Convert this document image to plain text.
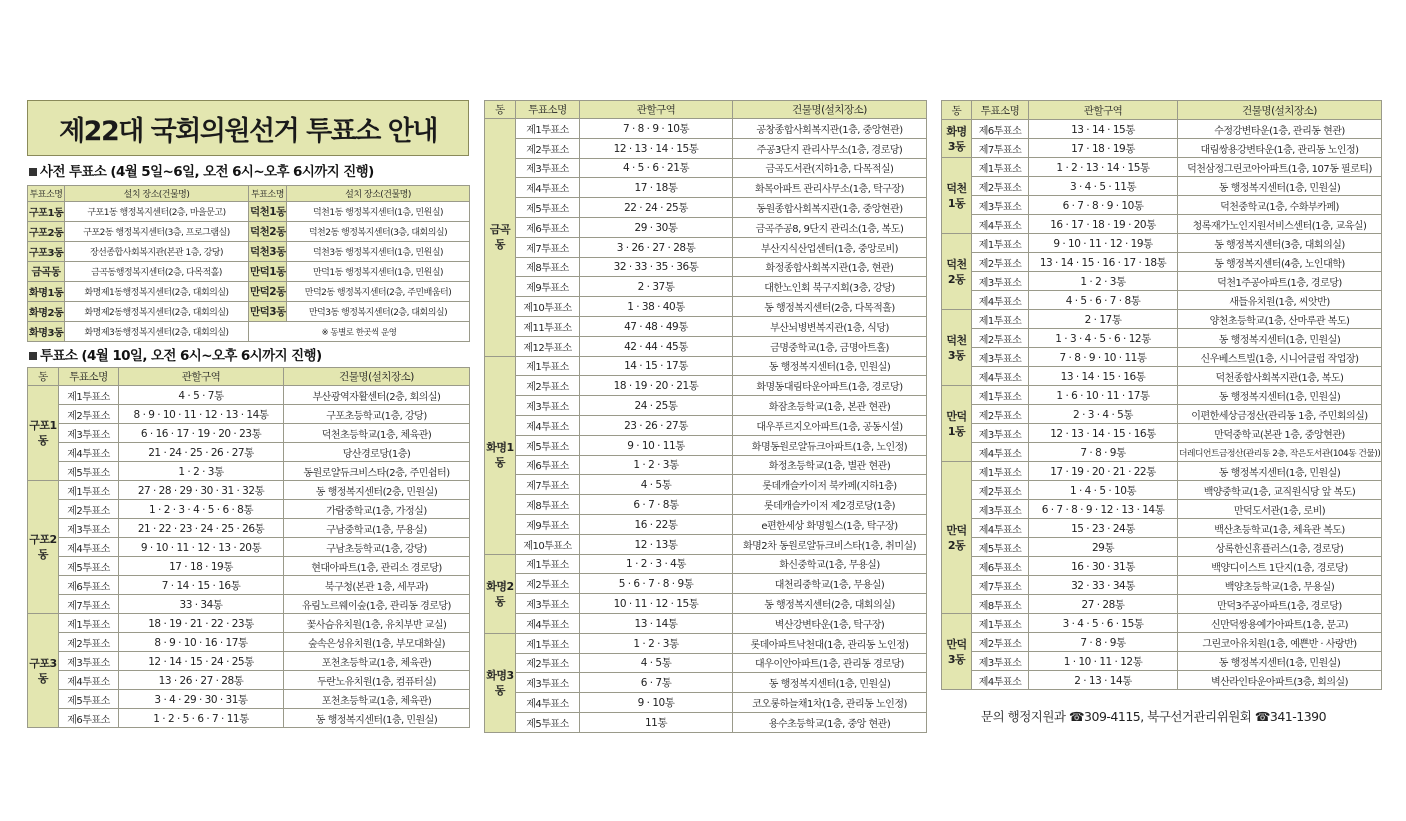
제22대 국회의원선거 투표소 안내
사전 투표소 (4월 5일~6일, 오전 6시~오후 6시까지 진행)
투표소명	설치 장소(건물명)	투표소명	설치 장소(건물명)
구포1동	구포1동 행정복지센터(2층, 마을문고)	덕천1동	덕천1동 행정복지센터(1층, 민원실)
구포2동	구포2동 행정복지센터(3층, 프로그램실)	덕천2동	덕천2동 행정복지센터(3층, 대회의실)
구포3동	장선종합사회복지관(본관 1층, 강당)	덕천3동	덕천3동 행정복지센터(1층, 민원실)
금곡동	금곡동행정복지센터(2층, 다목적홀)	만덕1동	만덕1동 행정복지센터(1층, 민원실)
화명1동	화명제1동행정복지센터(2층, 대회의실)	만덕2동	만덕2동 행정복지센터(2층, 주민배움터)
화명2동	화명제2동행정복지센터(2층, 대회의실)	만덕3동	만덕3동 행정복지센터(2층, 대회의실)
화명3동	화명제3동행정복지센터(2층, 대회의실)	※ 동별로 한곳씩 운영	
투표소 (4월 10일, 오전 6시~오후 6시까지 진행)
동	투표소명	관할구역	건물명(설치장소)
구포1동	제1투표소	4 · 5 · 7통	부산광역자활센터(2층, 회의실)
	제2투표소	8 · 9 · 10 · 11 · 12 · 13 · 14통	구포초등학교(1층, 강당)
	제3투표소	6 · 16 · 17 · 19 · 20 · 23통	덕천초등학교(1층, 체육관)
	제4투표소	21 · 24 · 25 · 26 · 27통	당산경로당(1층)
	제5투표소	1 · 2 · 3통	동원로얄듀크비스타(2층, 주민쉼터)
구포2동	제1투표소	27 · 28 · 29 · 30 · 31 · 32통	동 행정복지센터(2층, 민원실)
	제2투표소	1 · 2 · 3 · 4 · 5 · 6 · 8통	가람중학교(1층, 가정실)
	제3투표소	21 · 22 · 23 · 24 · 25 · 26통	구남중학교(1층, 무용실)
	제4투표소	9 · 10 · 11 · 12 · 13 · 20통	구남초등학교(1층, 강당)
	제5투표소	17 · 18 · 19통	현대아파트(1층, 관리소 경로당)
	제6투표소	7 · 14 · 15 · 16통	북구청(본관 1층, 세무과)
	제7투표소	33 · 34통	유림노르웨이숲(1층, 관리동 경로당)
구포3동	제1투표소	18 · 19 · 21 · 22 · 23통	꽃사슴유치원(1층, 유치부반 교실)
	제2투표소	8 · 9 · 10 · 16 · 17통	숲속은성유치원(1층, 부모대화실)
	제3투표소	12 · 14 · 15 · 24 · 25통	포천초등학교(1층, 체육관)
	제4투표소	13 · 26 · 27 · 28통	두란노유치원(1층, 컴퓨터실)
	제5투표소	3 · 4 · 29 · 30 · 31통	포천초등학교(1층, 체육관)
	제6투표소	1 · 2 · 5 · 6 · 7 · 11통	동 행정복지센터(1층, 민원실)
동	투표소명	관할구역	건물명(설치장소)
금곡동	제1투표소	7 · 8 · 9 · 10통	공창종합사회복지관(1층, 중앙현관)
	제2투표소	12 · 13 · 14 · 15통	주공3단지 관리사무소(1층, 경로당)
	제3투표소	4 · 5 · 6 · 21통	금곡도서관(지하1층, 다목적실)
	제4투표소	17 · 18통	화목아파트 관리사무소(1층, 탁구장)
	제5투표소	22 · 24 · 25통	동원종합사회복지관(1층, 중앙현관)
	제6투표소	29 · 30통	금곡주공8, 9단지 관리소(1층, 복도)
	제7투표소	3 · 26 · 27 · 28통	부산지식산업센터(1층, 중앙로비)
	제8투표소	32 · 33 · 35 · 36통	화정종합사회복지관(1층, 현관)
	제9투표소	2 · 37통	대한노인회 북구지회(3층, 강당)
	제10투표소	1 · 38 · 40통	동 행정복지센터(2층, 다목적홀)
	제11투표소	47 · 48 · 49통	부산뇌병변복지관(1층, 식당)
	제12투표소	42 · 44 · 45통	금명중학교(1층, 금명아트홀)
화명1동	제1투표소	14 · 15 · 17통	동 행정복지센터(1층, 민원실)
	제2투표소	18 · 19 · 20 · 21통	화명동대림타운아파트(1층, 경로당)
	제3투표소	24 · 25통	화잠초등학교(1층, 본관 현관)
	제4투표소	23 · 26 · 27통	대우푸르지오아파트(1층, 공동시설)
	제5투표소	9 · 10 · 11통	화명동원로얄듀크아파트(1층, 노인정)
	제6투표소	1 · 2 · 3통	화정초등학교(1층, 별관 현관)
	제7투표소	4 · 5통	롯데캐슬카이저 북카페(지하1층)
	제8투표소	6 · 7 · 8통	롯데캐슬카이저 제2경로당(1층)
	제9투표소	16 · 22통	e편한세상 화명힐스(1층, 탁구장)
	제10투표소	12 · 13통	화명2차 동원로얄듀크비스타(1층, 취미실)
화명2동	제1투표소	1 · 2 · 3 · 4통	화신중학교(1층, 무용실)
	제2투표소	5 · 6 · 7 · 8 · 9통	대천리중학교(1층, 무용실)
	제3투표소	10 · 11 · 12 · 15통	동 행정복지센터(2층, 대회의실)
	제4투표소	13 · 14통	벽산강변타운(1층, 탁구장)
화명3동	제1투표소	1 · 2 · 3통	롯데아파트낙천대(1층, 관리동 노인정)
	제2투표소	4 · 5통	대우이안아파트(1층, 관리동 경로당)
	제3투표소	6 · 7통	동 행정복지센터(1층, 민원실)
	제4투표소	9 · 10통	코오롱하늘채1차(1층, 관리동 노인정)
	제5투표소	11통	용수초등학교(1층, 중앙 현관)
동	투표소명	관할구역	건물명(설치장소)
화명3동	제6투표소	13 · 14 · 15통	수정강변타운(1층, 관리동 현관)
	제7투표소	17 · 18 · 19통	대림쌍용강변타운(1층, 관리동 노인정)
덕천1동	제1투표소	1 · 2 · 13 · 14 · 15통	덕천삼정그린코아아파트(1층, 107동 필로티)
	제2투표소	3 · 4 · 5 · 11통	동 행정복지센터(1층, 민원실)
	제3투표소	6 · 7 · 8 · 9 · 10통	덕천중학교(1층, 수화부카페)
	제4투표소	16 · 17 · 18 · 19 · 20통	청록재가노인지원서비스센터(1층, 교육실)
덕천2동	제1투표소	9 · 10 · 11 · 12 · 19통	동 행정복지센터(3층, 대회의실)
	제2투표소	13 · 14 · 15 · 16 · 17 · 18통	동 행정복지센터(4층, 노인대학)
	제3투표소	1 · 2 · 3통	덕천1주공아파트(1층, 경로당)
	제4투표소	4 · 5 · 6 · 7 · 8통	새들유치원(1층, 씨앗반)
덕천3동	제1투표소	2 · 17통	양천초등학교(1층, 산마루관 복도)
	제2투표소	1 · 3 · 4 · 5 · 6 · 12통	동 행정복지센터(1층, 민원실)
	제3투표소	7 · 8 · 9 · 10 · 11통	신우베스트빌(1층, 시니어클럽 작업장)
	제4투표소	13 · 14 · 15 · 16통	덕천종합사회복지관(1층, 복도)
만덕1동	제1투표소	1 · 6 · 10 · 11 · 17통	동 행정복지센터(1층, 민원실)
	제2투표소	2 · 3 · 4 · 5통	이편한세상금정산(관리동 1층, 주민회의실)
	제3투표소	12 · 13 · 14 · 15 · 16통	만덕중학교(본관 1층, 중앙현관)
	제4투표소	7 · 8 · 9통	더레디언트금정산(관리동 2층, 작은도서관(104동 건물))
만덕2동	제1투표소	17 · 19 · 20 · 21 · 22통	동 행정복지센터(1층, 민원실)
	제2투표소	1 · 4 · 5 · 10통	백양중학교(1층, 교직원식당 앞 복도)
	제3투표소	6 · 7 · 8 · 9 · 12 · 13 · 14통	만덕도서관(1층, 로비)
	제4투표소	15 · 23 · 24통	백산초등학교(1층, 체육관 복도)
	제5투표소	29통	상록한신휴플러스(1층, 경로당)
	제6투표소	16 · 30 · 31통	백양디이스트 1단지(1층, 경로당)
	제7투표소	32 · 33 · 34통	백양초등학교(1층, 무용실)
	제8투표소	27 · 28통	만덕3주공아파트(1층, 경로당)
만덕3동	제1투표소	3 · 4 · 5 · 6 · 15통	신만덕쌍용예가아파트(1층, 문고)
	제2투표소	7 · 8 · 9통	그린코아유치원(1층, 예쁜반 · 사랑반)
	제3투표소	1 · 10 · 11 · 12통	동 행정복지센터(1층, 민원실)
	제4투표소	2 · 13 · 14통	벽산라인타운아파트(3층, 회의실)
문의 행정지원과 ☎309-4115, 북구선거관리위원회 ☎341-1390
